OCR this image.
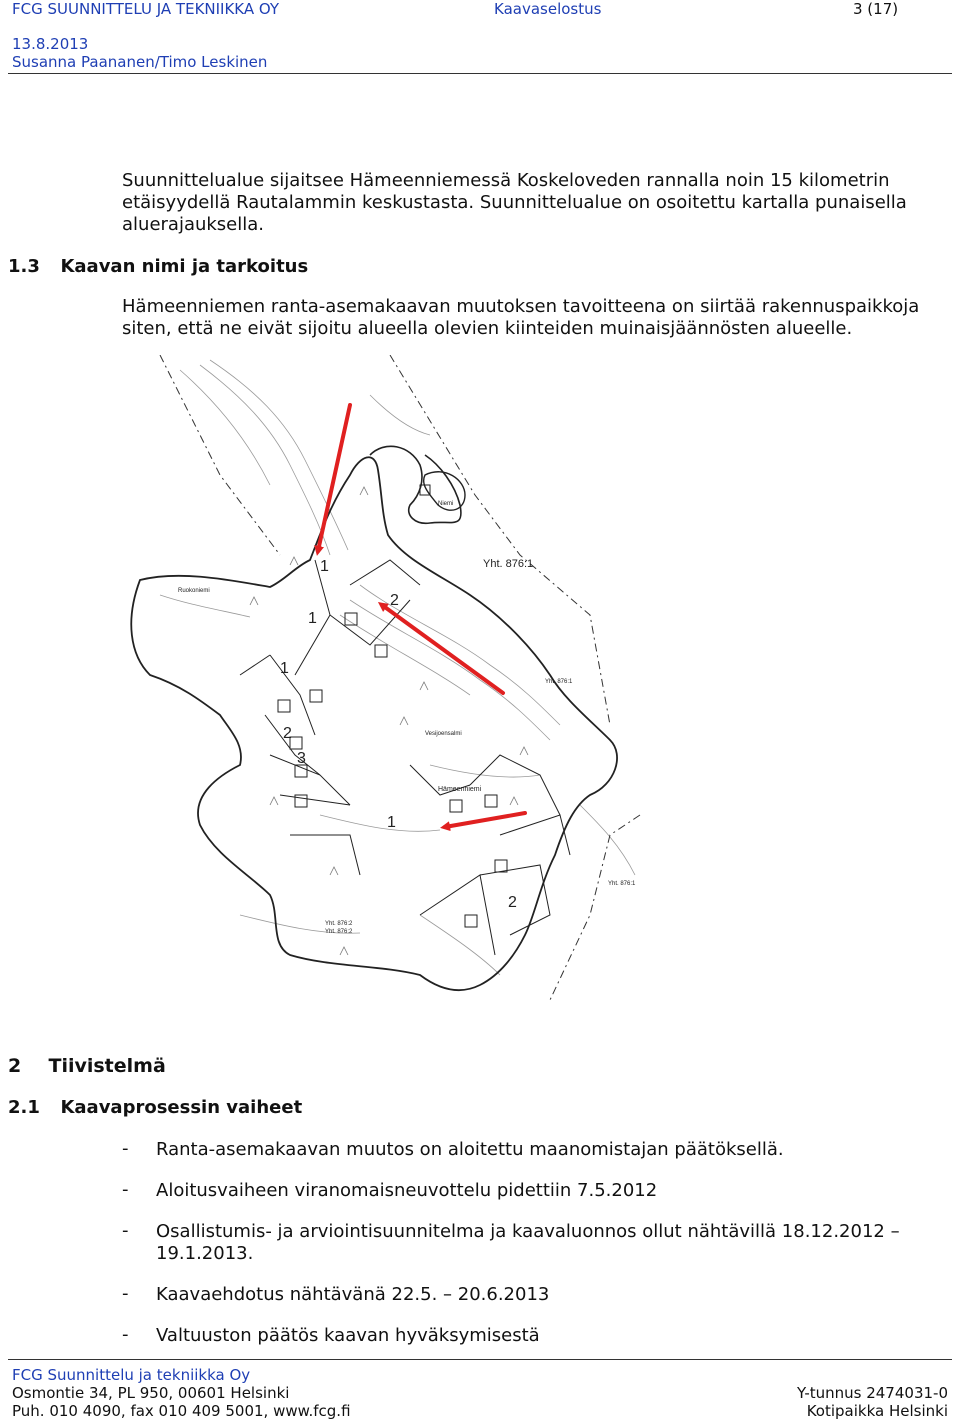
FCG SUUNNITTELU JA TEKNIIKKA OY	Kaavaselostus	3 (17)
13.8.2013
Susanna Paananen/Timo Leskinen
Suunnittelualue sijaitsee Hämeenniemessä Koskeloveden rannalla noin 15 kilometrin
etäisyydellä Rautalammin keskustasta. Suunnittelualue on osoitettu kartalla punaisella
aluerajauksella.
1.3 Kaavan nimi ja tarkoitus
Hämeenniemen ranta-asemakaavan muutoksen tavoitteena on siirtää rakennuspaikkoja
siten, että ne eivät sijoitu alueella olevien kiinteiden muinaisjäännösten alueelle.
Yht. 876:1
Yht. 876:1
Yht. 876:1
Yht. 876:2
Yht. 876:2
Hämeenniemi
Ruokoniemi
Vesijoensalmi
Niemi
1
1
1
1
2
2
2
3
2 Tiivistelmä
2.1 Kaavaprosessin vaiheet
- Ranta-asemakaavan muutos on aloitettu maanomistajan päätöksellä.
- Aloitusvaiheen viranomaisneuvottelu pidettiin 7.5.2012
- Osallistumis- ja arviointisuunnitelma ja kaavaluonnos ollut nähtävillä 18.12.2012 –
19.1.2013.
- Kaavaehdotus nähtävänä 22.5. – 20.6.2013
- Valtuuston päätös kaavan hyväksymisestä
FCG Suunnittelu ja tekniikka Oy
Osmontie 34, PL 950, 00601 Helsinki
Puh. 010 4090, fax 010 409 5001, www.fcg.fi
Y-tunnus 2474031-0
Kotipaikka Helsinki
